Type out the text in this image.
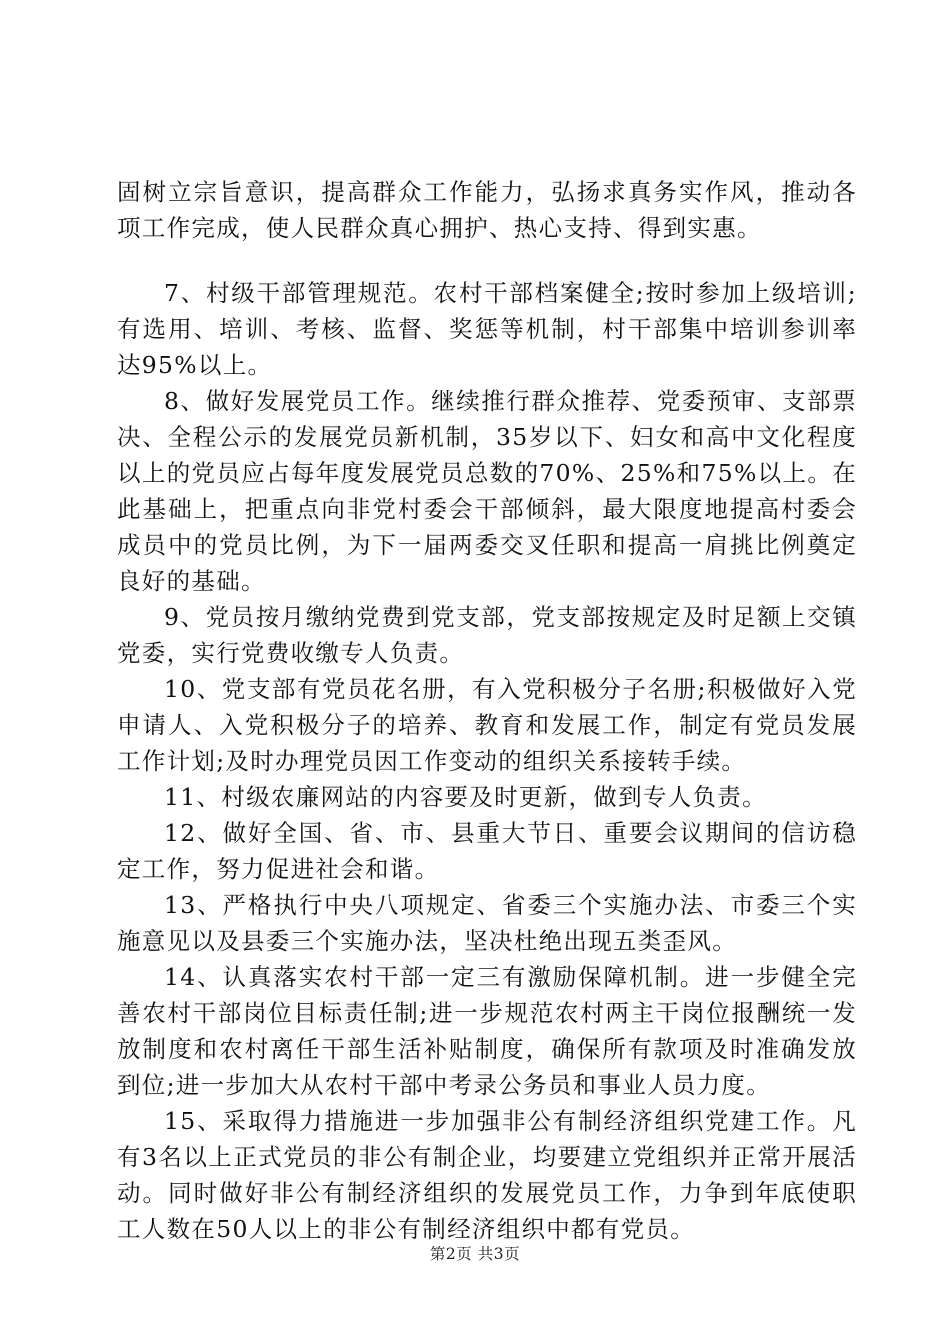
固树立宗旨意识，提高群众工作能力，弘扬求真务实作风，推动各项工作完成，使人民群众真心拥护、热心支持、得到实惠。

7、村级干部管理规范。农村干部档案健全;按时参加上级培训;有选用、培训、考核、监督、奖惩等机制，村干部集中培训参训率达95%以上。

8、做好发展党员工作。继续推行群众推荐、党委预审、支部票决、全程公示的发展党员新机制，35岁以下、妇女和高中文化程度以上的党员应占每年度发展党员总数的70%、25%和75%以上。在此基础上，把重点向非党村委会干部倾斜，最大限度地提高村委会成员中的党员比例，为下一届两委交叉任职和提高一肩挑比例奠定良好的基础。

9、党员按月缴纳党费到党支部，党支部按规定及时足额上交镇党委，实行党费收缴专人负责。

10、党支部有党员花名册，有入党积极分子名册;积极做好入党申请人、入党积极分子的培养、教育和发展工作，制定有党员发展工作计划;及时办理党员因工作变动的组织关系接转手续。

11、村级农廉网站的内容要及时更新，做到专人负责。

12、做好全国、省、市、县重大节日、重要会议期间的信访稳定工作，努力促进社会和谐。

13、严格执行中央八项规定、省委三个实施办法、市委三个实施意见以及县委三个实施办法，坚决杜绝出现五类歪风。

14、认真落实农村干部一定三有激励保障机制。进一步健全完善农村干部岗位目标责任制;进一步规范农村两主干岗位报酬统一发放制度和农村离任干部生活补贴制度，确保所有款项及时准确发放到位;进一步加大从农村干部中考录公务员和事业人员力度。

15、采取得力措施进一步加强非公有制经济组织党建工作。凡有3名以上正式党员的非公有制企业，均要建立党组织并正常开展活动。同时做好非公有制经济组织的发展党员工作，力争到年底使职工人数在50人以上的非公有制经济组织中都有党员。

第2页 共3页
